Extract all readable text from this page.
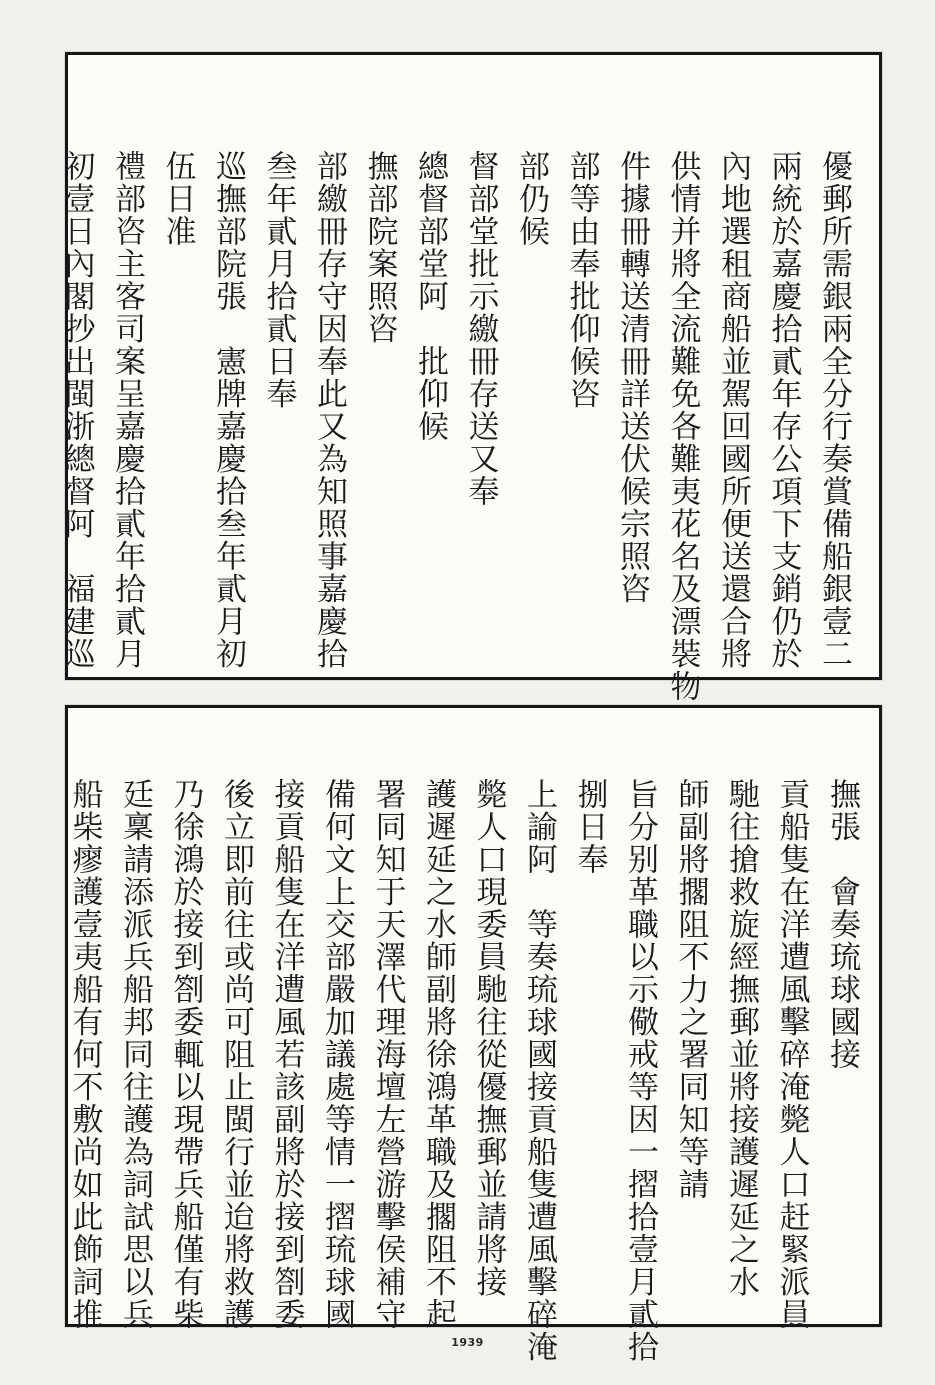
優郵所需銀兩全分行奏賞備船銀壹二
兩統於嘉慶拾貳年存公項下支銷仍於
內地選租商船並駕回國所便送還合將
供情并將全流難免各難夷花名及漂裝物
件據冊轉送清冊詳送伏候宗照咨
部等由奉批仰候咨
部仍候
督部堂批示繳冊存送又奉
總督部堂阿　批仰候
撫部院案照咨
部繳冊存守因奉此又為知照事嘉慶拾
叁年貳月拾貳日奉
巡撫部院張　憲牌嘉慶拾叁年貳月初
伍日准
禮部咨主客司案呈嘉慶拾貳年拾貳月
初壹日內閣抄出閩浙總督阿　福建巡
撫張　會奏琉球國接
貢船隻在洋遭風擊碎淹斃人口赶緊派員
馳往搶救旋經撫郵並將接護遲延之水
師副將擱阻不力之署同知等請
旨分别革職以示儆戒等因一摺拾壹月貳拾
捌日奉
上諭阿　等奏琉球國接貢船隻遭風擊碎淹
斃人口現委員馳往從優撫郵並請將接
護遲延之水師副將徐鴻革職及擱阻不起
署同知于天澤代理海壇左營游擊侯補守
備何文上交部嚴加議處等情一摺琉球國
接貢船隻在洋遭風若該副將於接到劄委
後立即前往或尚可阻止閩行並迨將救護
乃徐鴻於接到劄委輒以現帶兵船僅有柴
廷稟請添派兵船邦同往護為詞試思以兵
船柴瘳護壹夷船有何不敷尚如此飾詞推
1939
